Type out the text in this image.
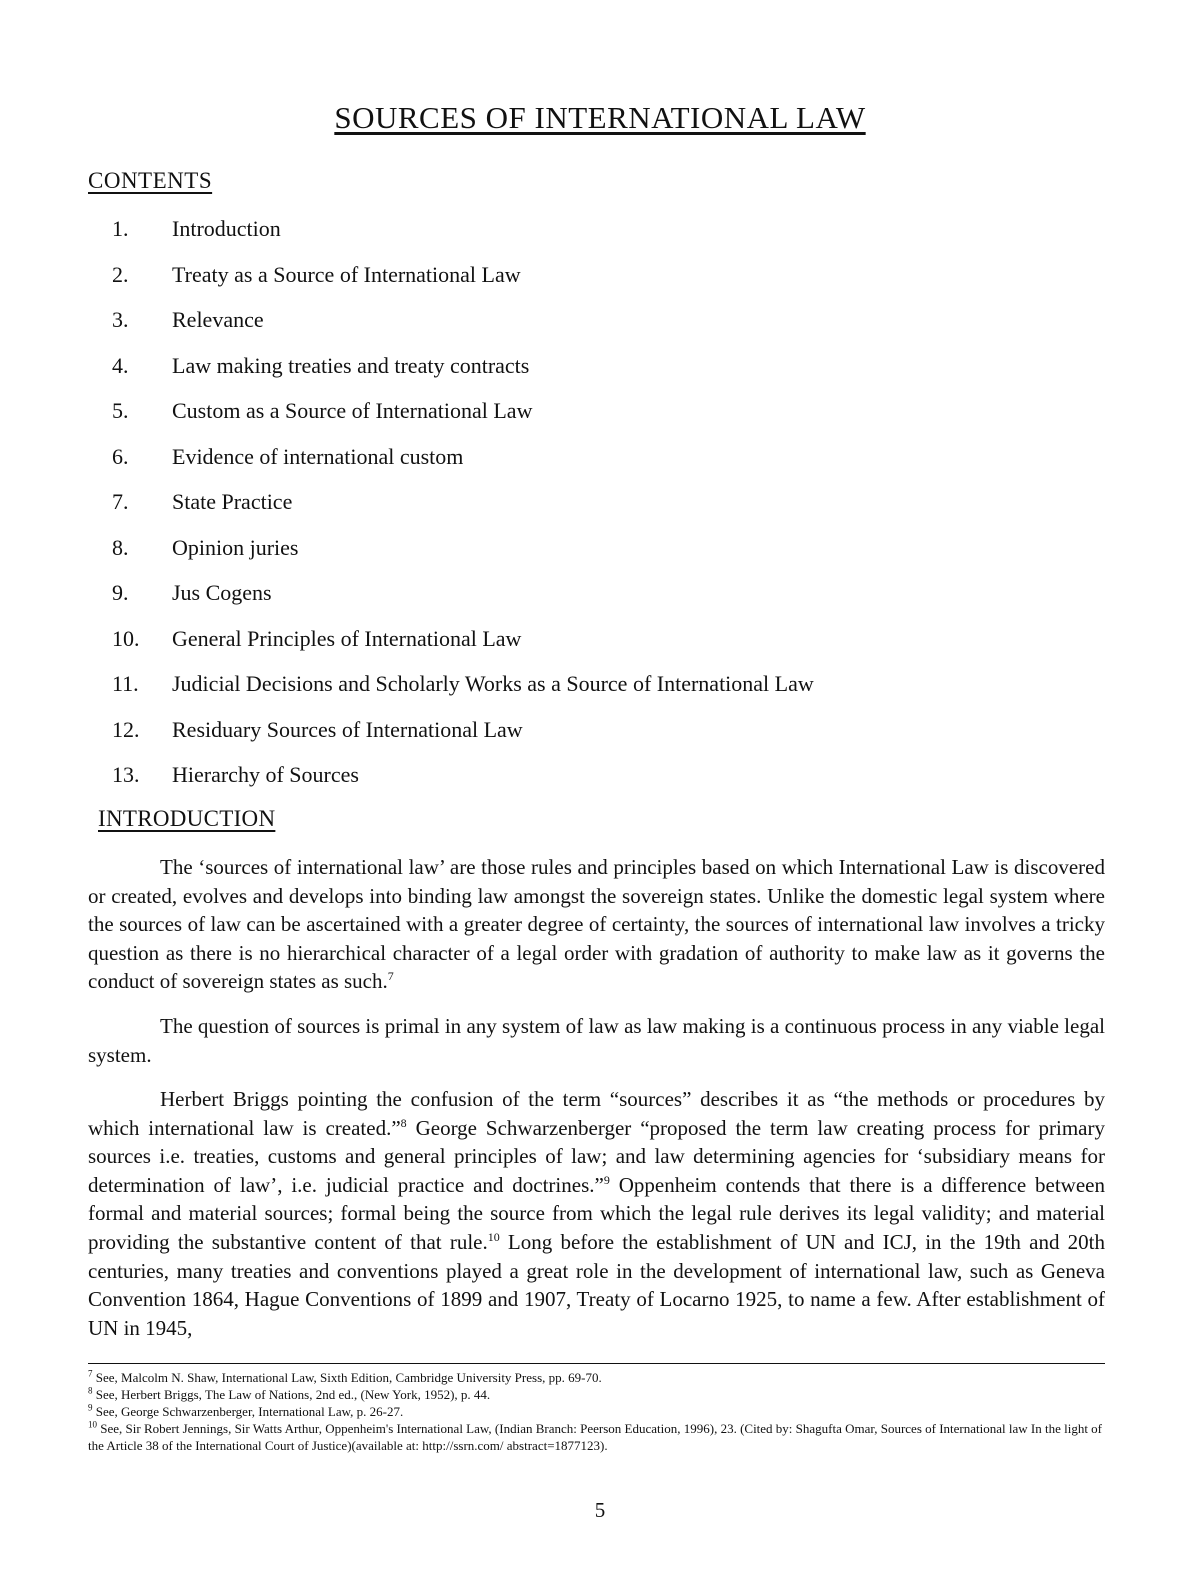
SOURCES OF INTERNATIONAL LAW
CONTENTS
1.	Introduction
2.	Treaty as a Source of International Law
3.	Relevance
4.	Law making treaties and treaty contracts
5.	Custom as a Source of International Law
6.	Evidence of international custom
7.	State Practice
8.	Opinion juries
9.	Jus Cogens
10.	General Principles of International Law
11.	Judicial Decisions and Scholarly Works as a Source of International Law
12.	Residuary Sources of International Law
13.	Hierarchy of Sources
INTRODUCTION

The ‘sources of international law’ are those rules and principles based on which International Law is discovered or created, evolves and develops into binding law amongst the sovereign states. Unlike the domestic legal system where the sources of law can be ascertained with a greater degree of certainty, the sources of international law involves a tricky question as there is no hierarchical character of a legal order with gradation of authority to make law as it governs the conduct of sovereign states as such.$^7$

The question of sources is primal in any system of law as law making is a continuous process in any viable legal system.

Herbert Briggs pointing the confusion of the term “sources” describes it as “the methods or procedures by which international law is created.”$^8$ George Schwarzenberger “proposed the term law creating process for primary sources i.e. treaties, customs and general principles of law; and law determining agencies for ‘subsidiary means for determination of law’, i.e. judicial practice and doctrines.”$^9$ Oppenheim contends that there is a difference between formal and material sources; formal being the source from which the legal rule derives its legal validity; and material providing the substantive content of that rule.$^{10}$ Long before the establishment of UN and ICJ, in the 19th and 20th centuries, many treaties and conventions played a great role in the development of international law, such as Geneva Convention 1864, Hague Conventions of 1899 and 1907, Treaty of Locarno 1925, to name a few. After establishment of UN in 1945,

$^7$ See, Malcolm N. Shaw, International Law, Sixth Edition, Cambridge University Press, pp. 69-70.
$^8$ See, Herbert Briggs, The Law of Nations, 2nd ed., (New York, 1952), p. 44.
$^9$ See, George Schwarzenberger, International Law, p. 26-27.
$^{10}$ See, Sir Robert Jennings, Sir Watts Arthur, Oppenheim's International Law, (Indian Branch: Peerson Education, 1996), 23. (Cited by: Shagufta Omar, Sources of International law In the light of the Article 38 of the International Court of Justice)(available at: http://ssrn.com/ abstract=1877123).
5
